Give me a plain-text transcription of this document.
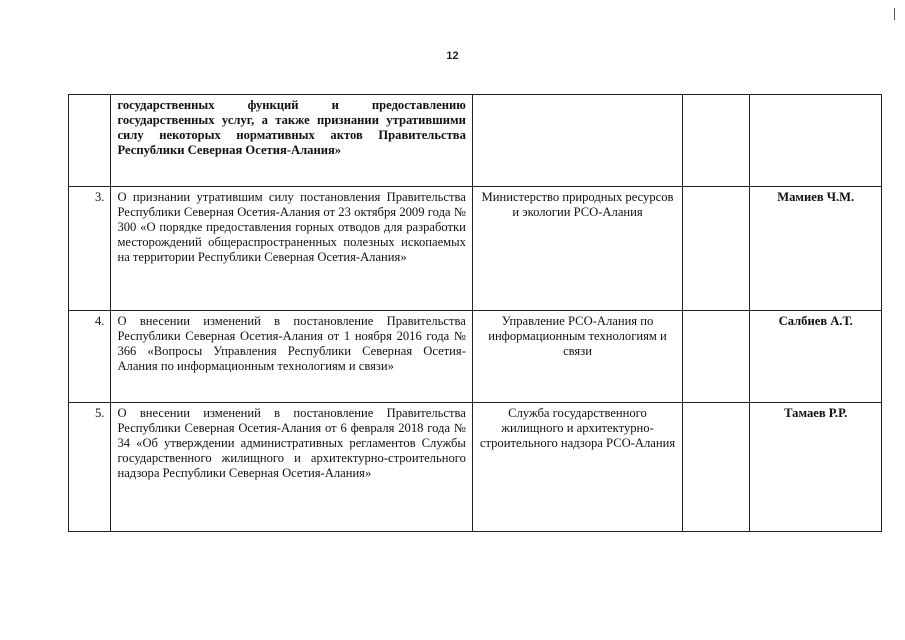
12
	государственных функций и предоставлению государственных услуг, а также признании утратившими силу некоторых нормативных актов Правительства Республики Северная Осетия-Алания»			
3.	О признании утратившим силу постановления Правительства Республики Северная Осетия-Алания от 23 октября 2009 года № 300 «О порядке предоставления горных отводов для разработки месторождений общераспространенных полезных ископаемых на территории Республики Северная Осетия-Алания»	Министерство природных ресурсов и экологии РСО-Алания		Мамиев Ч.М.
4.	О внесении изменений в постановление Правительства Республики Северная Осетия-Алания от 1 ноября 2016 года № 366 «Вопросы Управления Республики Северная Осетия-Алания по информационным технологиям и связи»	Управление РСО-Алания по информационным технологиям и связи		Салбиев А.Т.
5.	О внесении изменений в постановление Правительства Республики Северная Осетия-Алания от 6 февраля 2018 года № 34 «Об утверждении административных регламентов Службы государственного жилищного и архитектурно-строительного надзора Республики Северная Осетия-Алания»	Служба государственного жилищного и архитектурно-строительного надзора РСО-Алания		Тамаев Р.Р.
